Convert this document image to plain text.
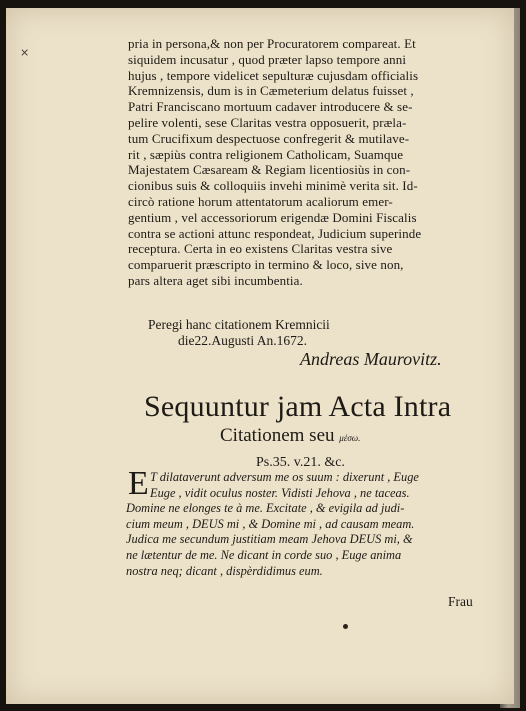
×
pria in persona,& non per Procuratorem compareat. Et
siquidem incusatur , quod præter lapso tempore anni
hujus , tempore videlicet sepulturæ cujusdam officialis
Kremnizensis, dum is in Cæmeterium delatus fuisset ,
Patri Franciscano mortuum cadaver introducere & se-
pelire volenti, sese Claritas vestra opposuerit, præla-
tum Crucifixum despectuose confregerit & mutilave-
rit , sæpiùs contra religionem Catholicam, Suamque
Majestatem Cæsaream & Regiam licentiosiùs in con-
cionibus suis & colloquiis invehi minimè verita sit. Id-
circò ratione horum attentatorum acaliorum emer-
gentium , vel accessoriorum erigendæ Domini Fiscalis
contra se actioni attunc respondeat, Judicium superinde
receptura. Certa in eo existens Claritas vestra sive
comparuerit præscripto in termino & loco, sive non,
pars altera aget sibi incumbentia.
Peregi hanc citationem Kremnicii
die22.Augusti An.1672.
Andreas Maurovitz.
Sequuntur jam Acta Intra
Citationem seu μέσω.
Ps.35. v.21. &c.
E T dilataverunt adversum me os suum : dixerunt , Euge
Euge , vidit oculus noster. Vidisti Jehova , ne taceas.
Domine ne elonges te à me. Excitate , & evigila ad judi-
cium meum , DEUS mi , & Domine mi , ad causam meam.
Judica me secundum justitiam meam Jehova DEUS mi, &
ne lætentur de me. Ne dicant in corde suo , Euge anima
nostra neq; dicant , dispèrdidimus eum.
Frau
